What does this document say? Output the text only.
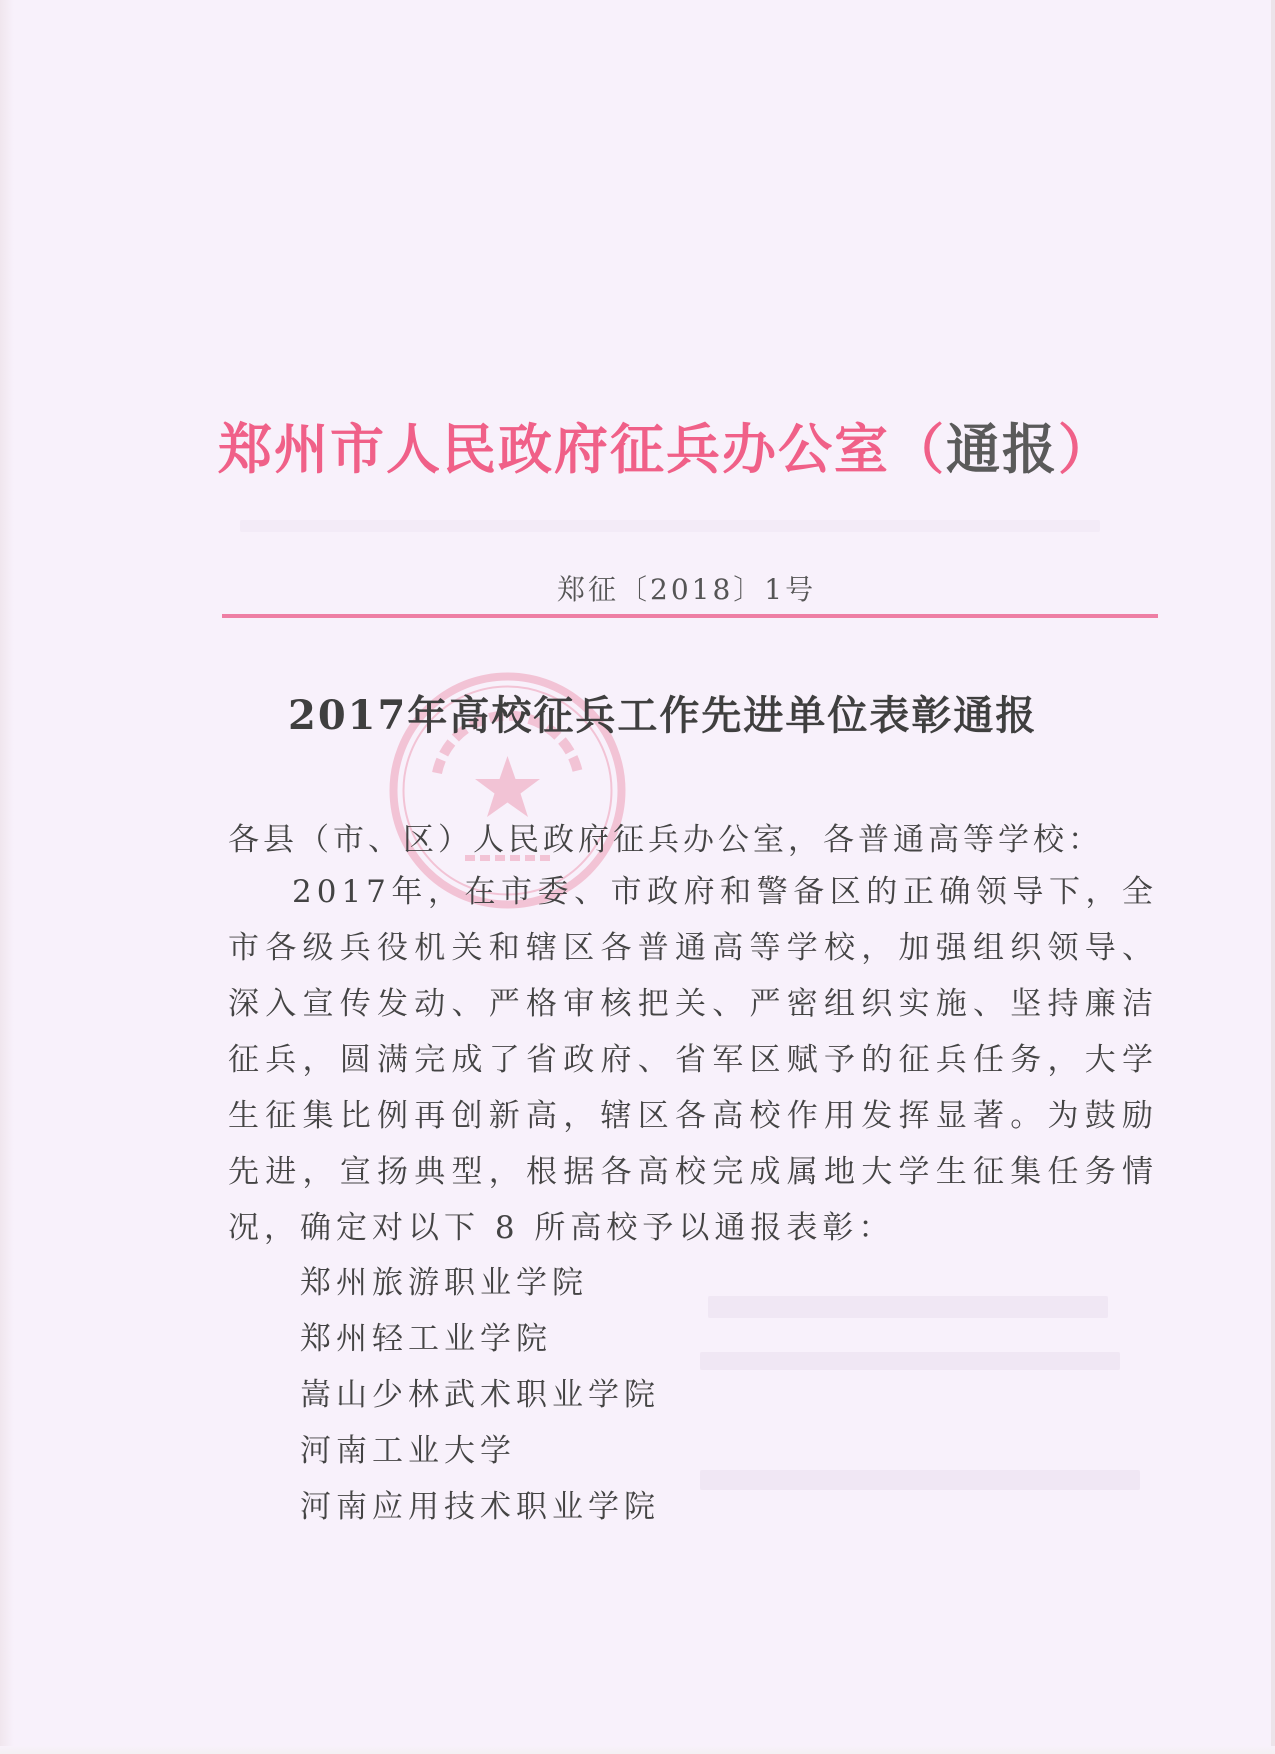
郑州市人民政府征兵办公室（通报）
郑征〔2018〕1号
2017年高校征兵工作先进单位表彰通报
各县（市、区）人民政府征兵办公室，各普通高等学校：
2017年，在市委、市政府和警备区的正确领导下，全市各级兵役机关和辖区各普通高等学校，加强组织领导、深入宣传发动、严格审核把关、严密组织实施、坚持廉洁征兵，圆满完成了省政府、省军区赋予的征兵任务，大学生征集比例再创新高，辖区各高校作用发挥显著。为鼓励先进，宣扬典型，根据各高校完成属地大学生征集任务情况，确定对以下 8 所高校予以通报表彰：
郑州旅游职业学院
郑州轻工业学院
嵩山少林武术职业学院
河南工业大学
河南应用技术职业学院
